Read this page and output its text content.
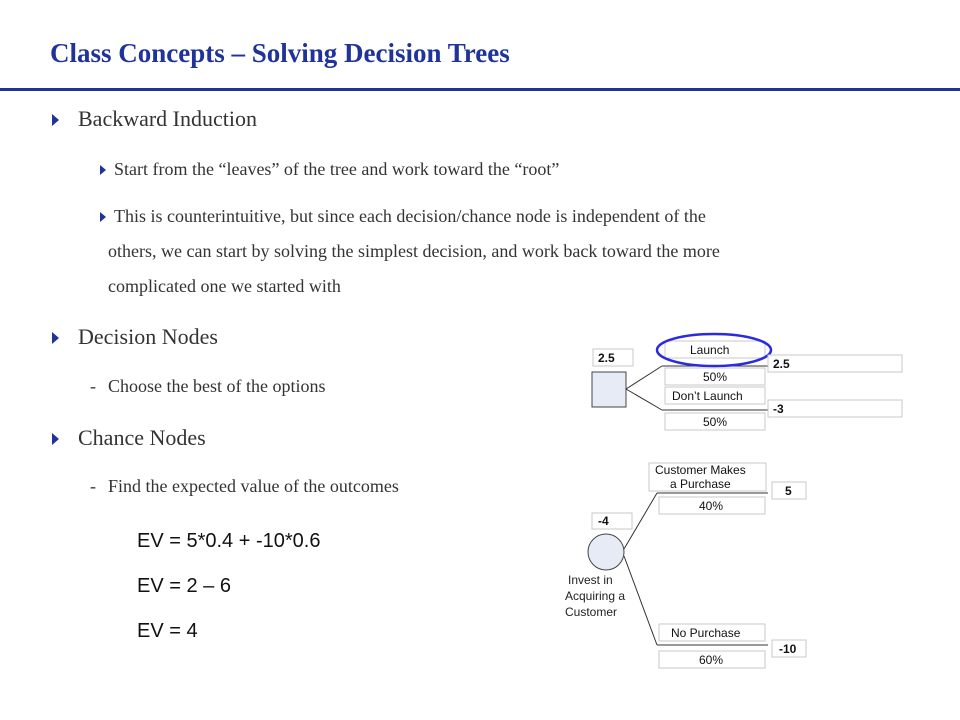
Class Concepts – Solving Decision Trees
Backward Induction
Start from the “leaves” of the tree and work toward the “root”
This is counterintuitive, but since each decision/chance node is independent of the
others, we can start by solving the simplest decision, and work back toward the more
complicated one we started with
Decision Nodes
- Choose the best of the options
Chance Nodes
- Find the expected value of the outcomes
EV = 5*0.4 + -10*0.6
EV = 2 – 6
EV = 4
2.5
Launch
50%
2.5
Don’t Launch
50%
-3
-4
Invest in
Acquiring a
Customer
Customer Makes
a Purchase
40%
5
No Purchase
60%
-10
